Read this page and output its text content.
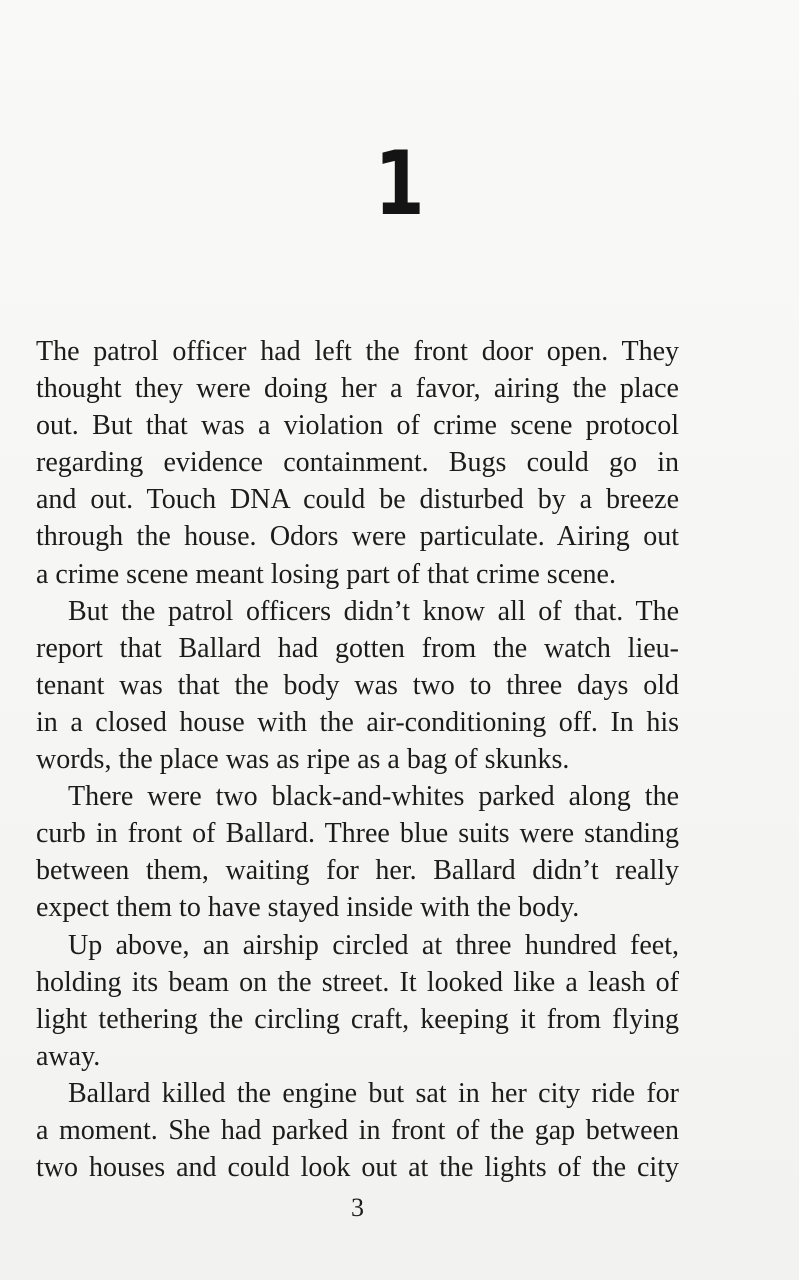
1

The patrol officer had left the front door open. They
thought they were doing her a favor, airing the place
out. But that was a violation of crime scene protocol
regarding evidence containment. Bugs could go in
and out. Touch DNA could be disturbed by a breeze
through the house. Odors were particulate. Airing out
a crime scene meant losing part of that crime scene.

But the patrol officers didn’t know all of that. The
report that Ballard had gotten from the watch lieu-
tenant was that the body was two to three days old
in a closed house with the air-conditioning off. In his
words, the place was as ripe as a bag of skunks.

There were two black-and-whites parked along the
curb in front of Ballard. Three blue suits were standing
between them, waiting for her. Ballard didn’t really
expect them to have stayed inside with the body.

Up above, an airship circled at three hundred feet,
holding its beam on the street. It looked like a leash of
light tethering the circling craft, keeping it from flying
away.

Ballard killed the engine but sat in her city ride for
a moment. She had parked in front of the gap between
two houses and could look out at the lights of the city

3
